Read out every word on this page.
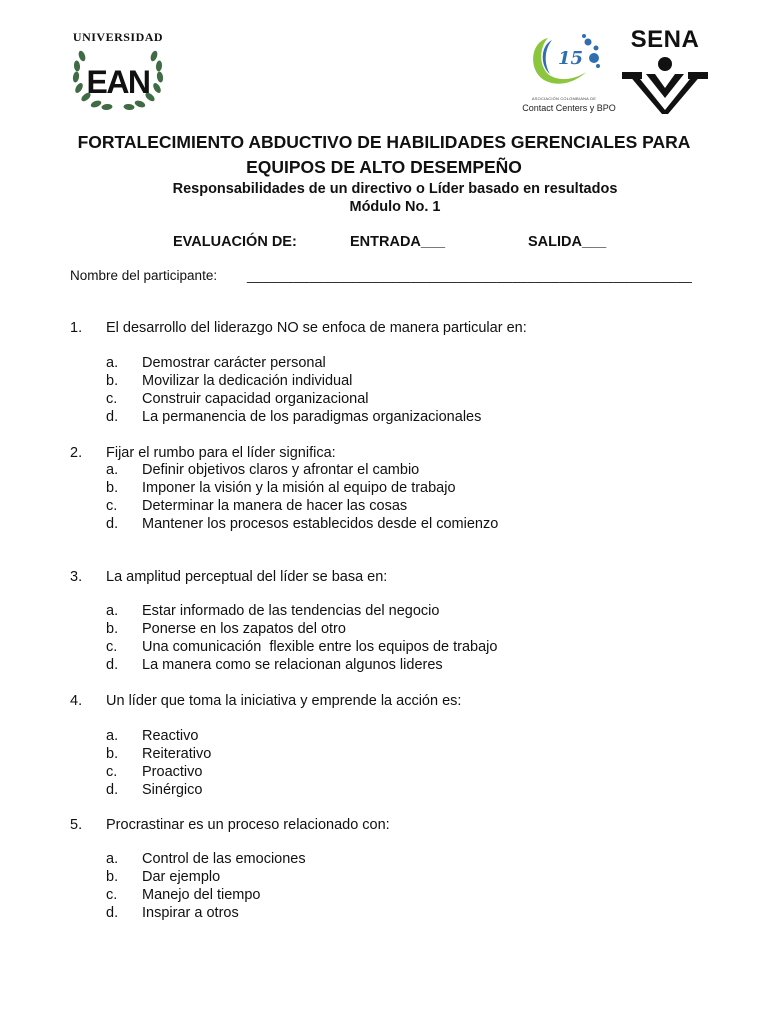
UNIVERSIDAD
EAN
15
ASOCIACIÓN COLOMBIANA DE
Contact Centers y BPO
SENA
FORTALECIMIENTO ABDUCTIVO DE HABILIDADES GERENCIALES PARA
EQUIPOS DE ALTO DESEMPEÑO
Responsabilidades de un directivo o Líder basado en resultados
Módulo No. 1
EVALUACIÓN DE:	ENTRADA___	SALIDA___
Nombre del participante: _________________________________________________________
1. El desarrollo del liderazgo NO se enfoca de manera particular en:
a. Demostrar carácter personal
b. Movilizar la dedicación individual
c. Construir capacidad organizacional
d. La permanencia de los paradigmas organizacionales
2. Fijar el rumbo para el líder significa:
a. Definir objetivos claros y afrontar el cambio
b. Imponer la visión y la misión al equipo de trabajo
c. Determinar la manera de hacer las cosas
d. Mantener los procesos establecidos desde el comienzo
3. La amplitud perceptual del líder se basa en:
a. Estar informado de las tendencias del negocio
b. Ponerse en los zapatos del otro
c. Una comunicación  flexible entre los equipos de trabajo
d. La manera como se relacionan algunos lideres
4. Un líder que toma la iniciativa y emprende la acción es:
a. Reactivo
b. Reiterativo
c. Proactivo
d. Sinérgico
5. Procrastinar es un proceso relacionado con:
a. Control de las emociones
b. Dar ejemplo
c. Manejo del tiempo
d. Inspirar a otros
